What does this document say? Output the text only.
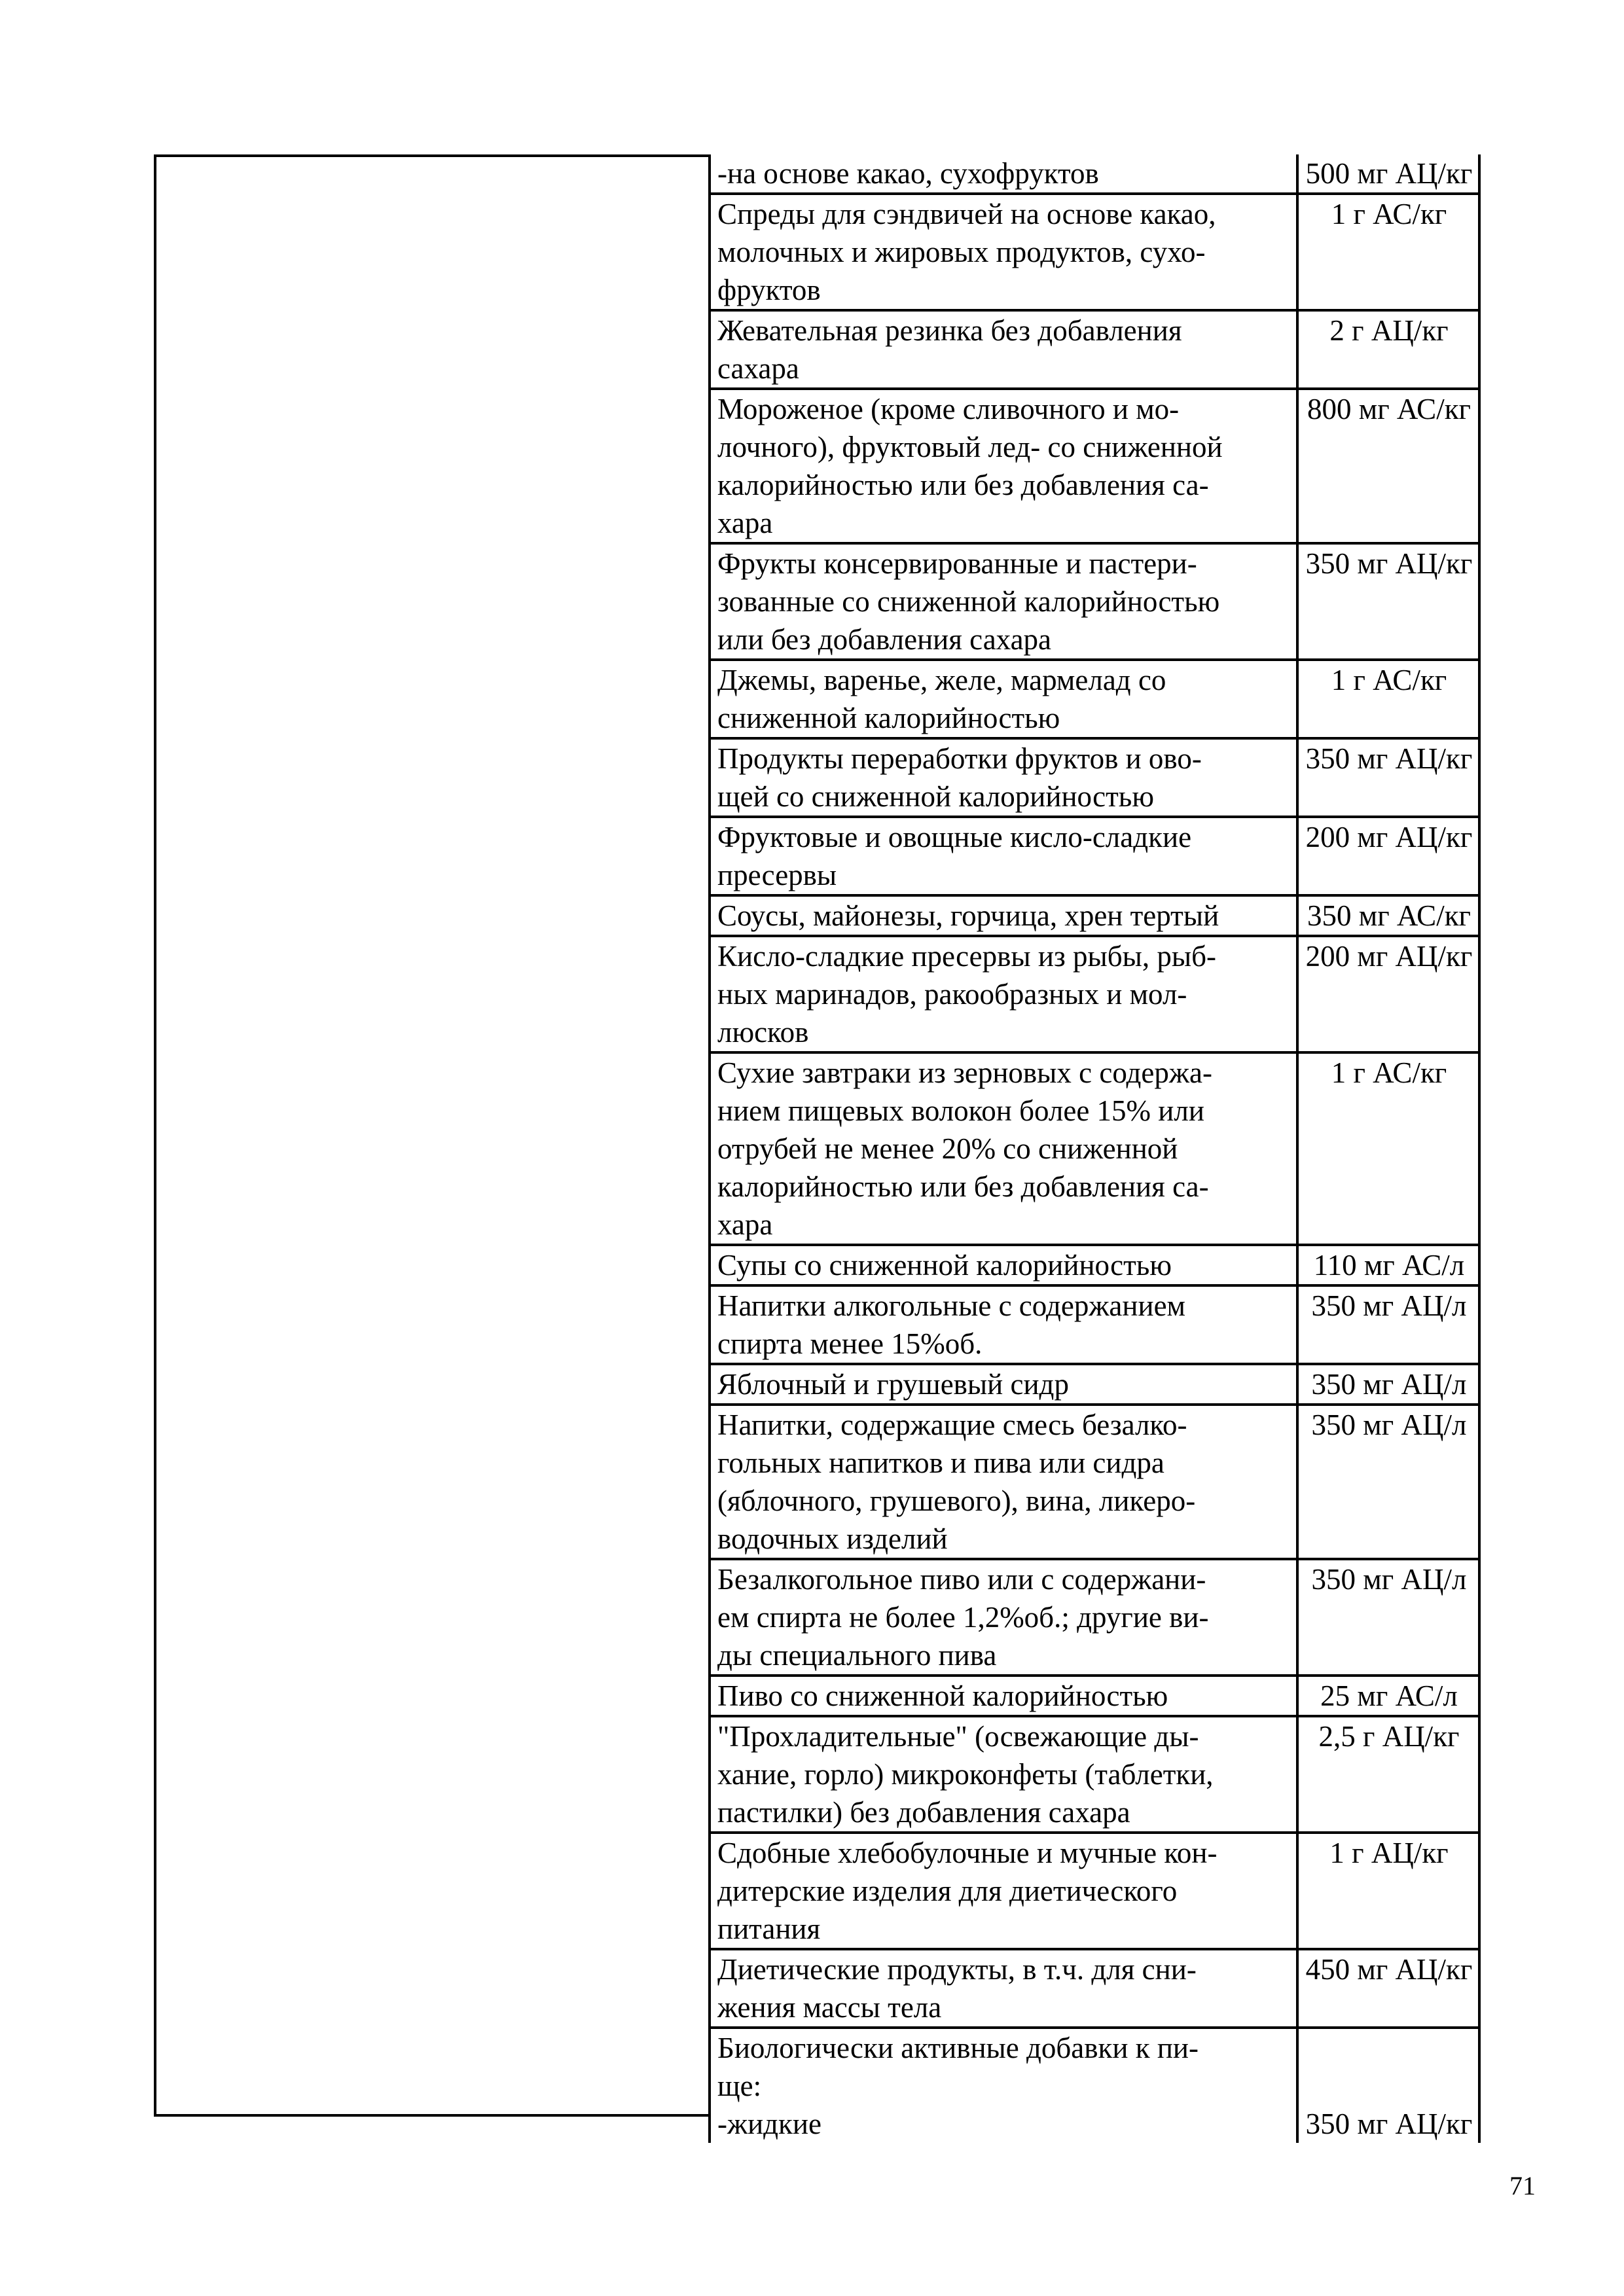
-на основе какао, сухофруктов	500 мг АЦ/кг

Спреды для сэндвичей на основе какао,
молочных и жировых продуктов, сухо-
фруктов	1 г АС/кг

Жевательная резинка без добавления
сахара	2 г АЦ/кг

Мороженое (кроме сливочного и мо-
лочного), фруктовый лед- со сниженной
калорийностью или без добавления са-
хара	800 мг АС/кг

Фрукты консервированные и пастери-
зованные со сниженной калорийностью
или без добавления сахара	350 мг АЦ/кг

Джемы, варенье, желе, мармелад со
сниженной калорийностью	1 г АС/кг

Продукты переработки фруктов и ово-
щей со сниженной калорийностью	350 мг АЦ/кг

Фруктовые и овощные кисло-сладкие
пресервы	200 мг АЦ/кг

Соусы, майонезы, горчица, хрен тертый	350 мг АС/кг

Кисло-сладкие пресервы из рыбы, рыб-
ных маринадов, ракообразных и мол-
люсков	200 мг АЦ/кг

Сухие завтраки из зерновых с содержа-
нием пищевых волокон более 15% или
отрубей не менее 20% со сниженной
калорийностью или без добавления са-
хара	1 г АС/кг

Супы со сниженной калорийностью	110 мг АС/л

Напитки алкогольные с содержанием
спирта менее 15%об.	350 мг АЦ/л

Яблочный и грушевый сидр	350 мг АЦ/л

Напитки, содержащие смесь безалко-
гольных напитков и пива или сидра
(яблочного, грушевого), вина, ликеро-
водочных изделий	350 мг АЦ/л

Безалкогольное пиво или с содержани-
ем спирта не более 1,2%об.; другие ви-
ды специального пива	350 мг АЦ/л

Пиво со сниженной калорийностью	25 мг АС/л

"Прохладительные" (освежающие ды-
хание, горло) микроконфеты (таблетки,
пастилки) без добавления сахара	2,5 г АЦ/кг

Сдобные хлебобулочные и мучные кон-
дитерские изделия для диетического
питания	1 г АЦ/кг

Диетические продукты, в т.ч. для сни-
жения массы тела	450 мг АЦ/кг

Биологически активные добавки к пи-
ще:
-жидкие	350 мг АЦ/кг
71
